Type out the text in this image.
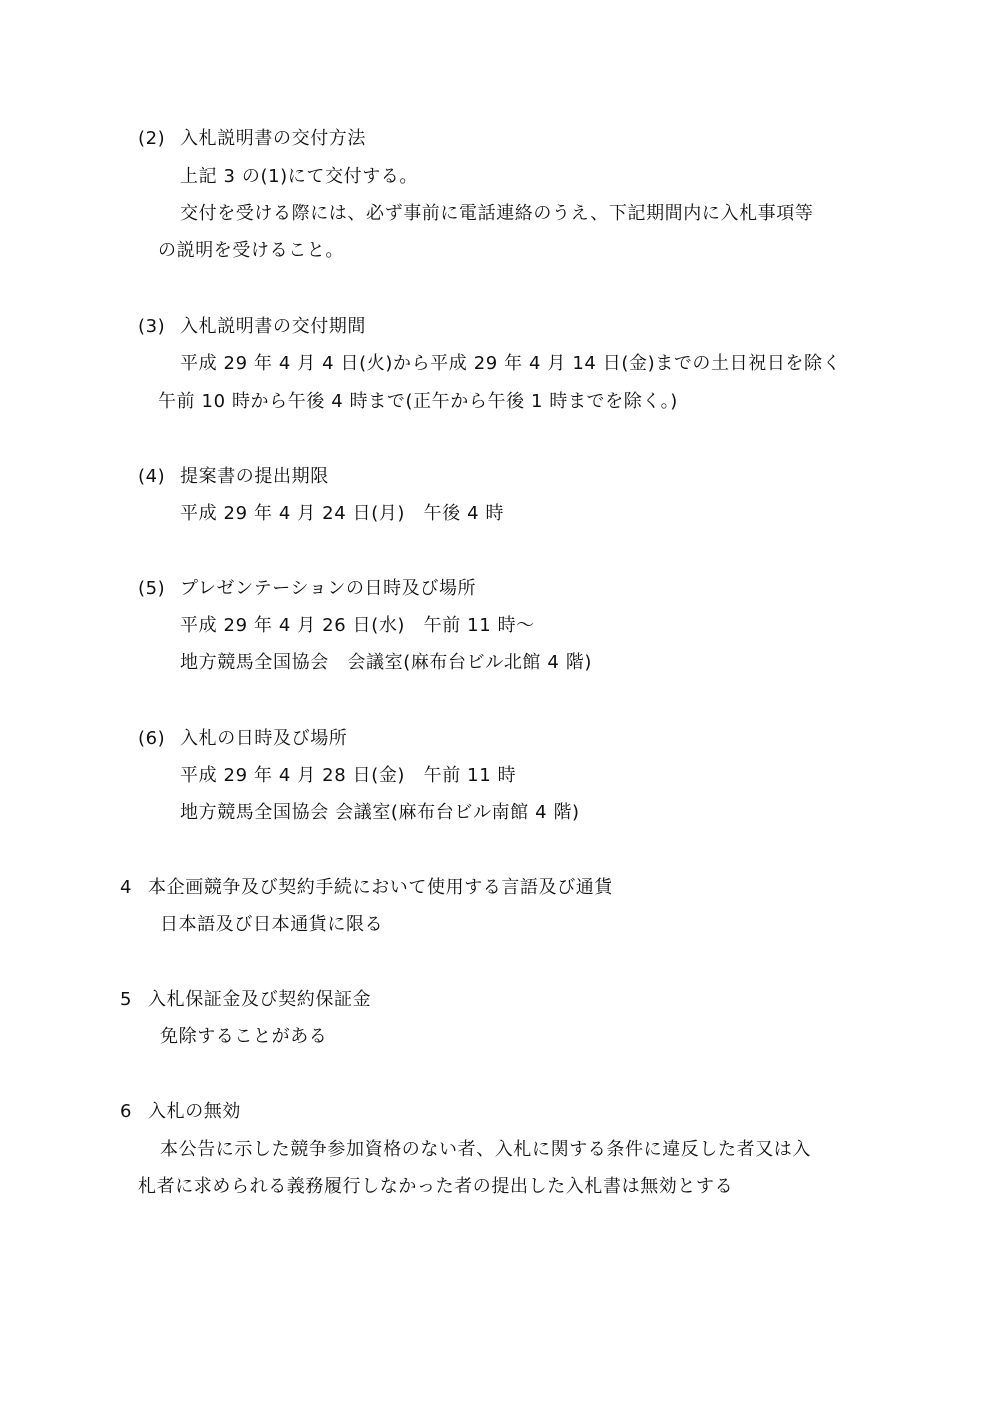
(2) 入札説明書の交付方法
上記 3 の(1)にて交付する。
交付を受ける際には、必ず事前に電話連絡のうえ、下記期間内に入札事項等
の説明を受けること。
(3) 入札説明書の交付期間
平成 29 年 4 月 4 日(火)から平成 29 年 4 月 14 日(金)までの土日祝日を除く
午前 10 時から午後 4 時まで(正午から午後 1 時までを除く。)
(4) 提案書の提出期限
平成 29 年 4 月 24 日(月)　午後 4 時
(5) プレゼンテーションの日時及び場所
平成 29 年 4 月 26 日(水)　午前 11 時～
地方競馬全国協会　会議室(麻布台ビル北館 4 階)
(6) 入札の日時及び場所
平成 29 年 4 月 28 日(金)　午前 11 時
地方競馬全国協会 会議室(麻布台ビル南館 4 階)
4 本企画競争及び契約手続において使用する言語及び通貨
日本語及び日本通貨に限る
5 入札保証金及び契約保証金
免除することがある
6 入札の無効
本公告に示した競争参加資格のない者、入札に関する条件に違反した者又は入
札者に求められる義務履行しなかった者の提出した入札書は無効とする
